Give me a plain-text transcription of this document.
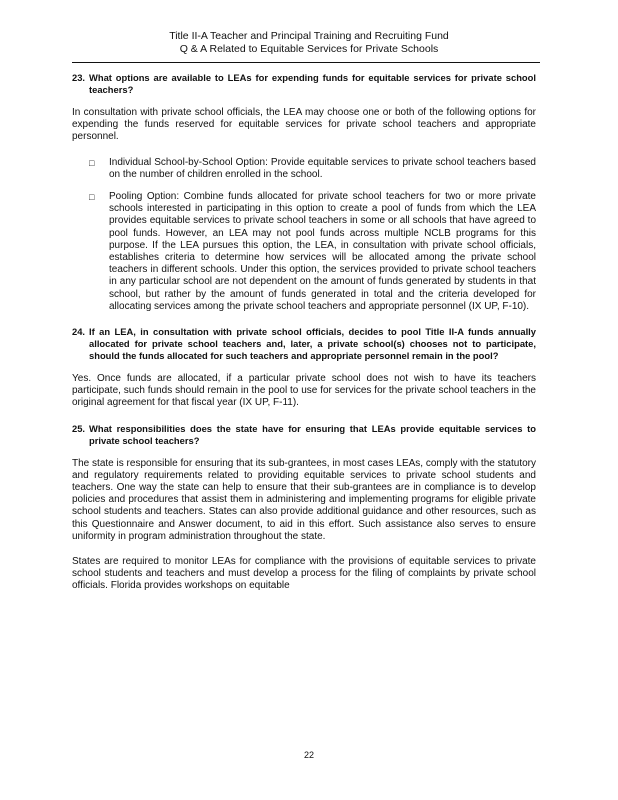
Title II-A Teacher and Principal Training and Recruiting Fund
Q & A Related to Equitable Services for Private Schools
23. What options are available to LEAs for expending funds for equitable services for private school teachers?

In consultation with private school officials, the LEA may choose one or both of the following options for expending the funds reserved for equitable services for private school teachers and appropriate personnel.

□ Individual School-by-School Option: Provide equitable services to private school teachers based on the number of children enrolled in the school.
□ Pooling Option: Combine funds allocated for private school teachers for two or more private schools interested in participating in this option to create a pool of funds from which the LEA provides equitable services to private school teachers in some or all schools that have agreed to pool funds. However, an LEA may not pool funds across multiple NCLB programs for this purpose. If the LEA pursues this option, the LEA, in consultation with private school officials, establishes criteria to determine how services will be allocated among the private school teachers in different schools. Under this option, the services provided to private school teachers in any particular school are not dependent on the amount of funds generated by students in that school, but rather by the amount of funds generated in total and the criteria developed for allocating services among the private school teachers and appropriate personnel (IX UP, F-10).
24. If an LEA, in consultation with private school officials, decides to pool Title II-A funds annually allocated for private school teachers and, later, a private school(s) chooses not to participate, should the funds allocated for such teachers and appropriate personnel remain in the pool?

Yes. Once funds are allocated, if a particular private school does not wish to have its teachers participate, such funds should remain in the pool to use for services for the private school teachers in the original agreement for that fiscal year (IX UP, F-11).

25. What responsibilities does the state have for ensuring that LEAs provide equitable services to private school teachers?

The state is responsible for ensuring that its sub-grantees, in most cases LEAs, comply with the statutory and regulatory requirements related to providing equitable services to private school students and teachers. One way the state can help to ensure that their sub-grantees are in compliance is to develop policies and procedures that assist them in administering and implementing programs for eligible private school students and teachers. States can also provide additional guidance and other resources, such as this Questionnaire and Answer document, to aid in this effort. Such assistance also serves to ensure uniformity in program administration throughout the state.

States are required to monitor LEAs for compliance with the provisions of equitable services to private school students and teachers and must develop a process for the filing of complaints by private school officials. Florida provides workshops on equitable

22
